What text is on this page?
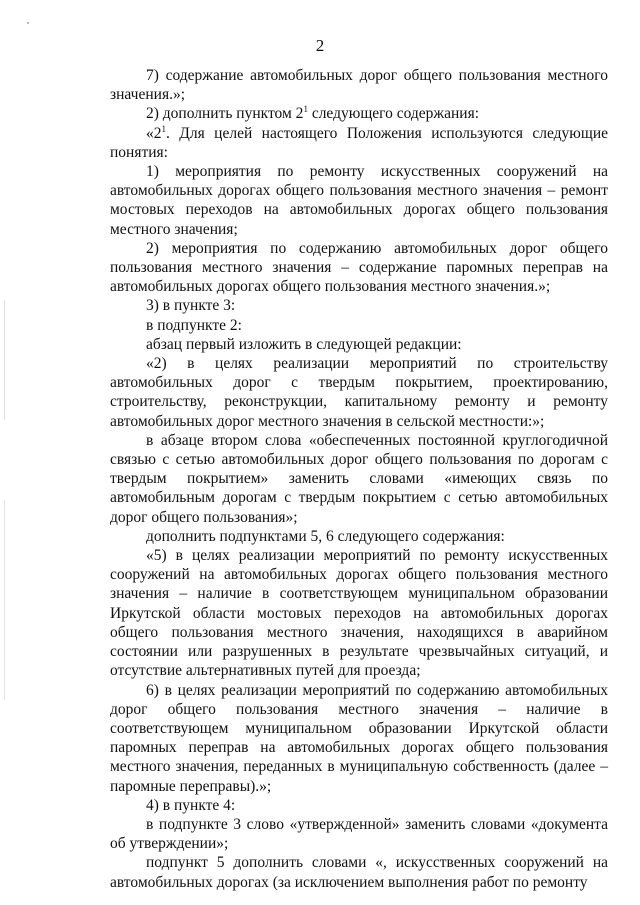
2

7) содержание автомобильных дорог общего пользования местного значения.»;

2) дополнить пунктом $2^1$ следующего содержания:

«$2^1$. Для целей настоящего Положения используются следующие понятия:

1) мероприятия по ремонту искусственных сооружений на автомобильных дорогах общего пользования местного значения – ремонт мостовых переходов на автомобильных дорогах общего пользования местного значения;

2) мероприятия по содержанию автомобильных дорог общего пользования местного значения – содержание паромных переправ на автомобильных дорогах общего пользования местного значения.»;

3) в пункте 3:

в подпункте 2:

абзац первый изложить в следующей редакции:

«2) в целях реализации мероприятий по строительству автомобильных дорог с твердым покрытием, проектированию, строительству, реконструкции, капитальному ремонту и ремонту автомобильных дорог местного значения в сельской местности:»;

в абзаце втором слова «обеспеченных постоянной круглогодичной связью с сетью автомобильных дорог общего пользования по дорогам с твердым покрытием» заменить словами «имеющих связь по автомобильным дорогам с твердым покрытием с сетью автомобильных дорог общего пользования»;

дополнить подпунктами 5, 6 следующего содержания:

«5) в целях реализации мероприятий по ремонту искусственных сооружений на автомобильных дорогах общего пользования местного значения – наличие в соответствующем муниципальном образовании Иркутской области мостовых переходов на автомобильных дорогах общего пользования местного значения, находящихся в аварийном состоянии или разрушенных в результате чрезвычайных ситуаций, и отсутствие альтернативных путей для проезда;

6) в целях реализации мероприятий по содержанию автомобильных дорог общего пользования местного значения – наличие в соответствующем муниципальном образовании Иркутской области паромных переправ на автомобильных дорогах общего пользования местного значения, переданных в муниципальную собственность (далее – паромные переправы).»;

4) в пункте 4:

в подпункте 3 слово «утвержденной» заменить словами «документа об утверждении»;

подпункт 5 дополнить словами «, искусственных сооружений на автомобильных дорогах (за исключением выполнения работ по ремонту
